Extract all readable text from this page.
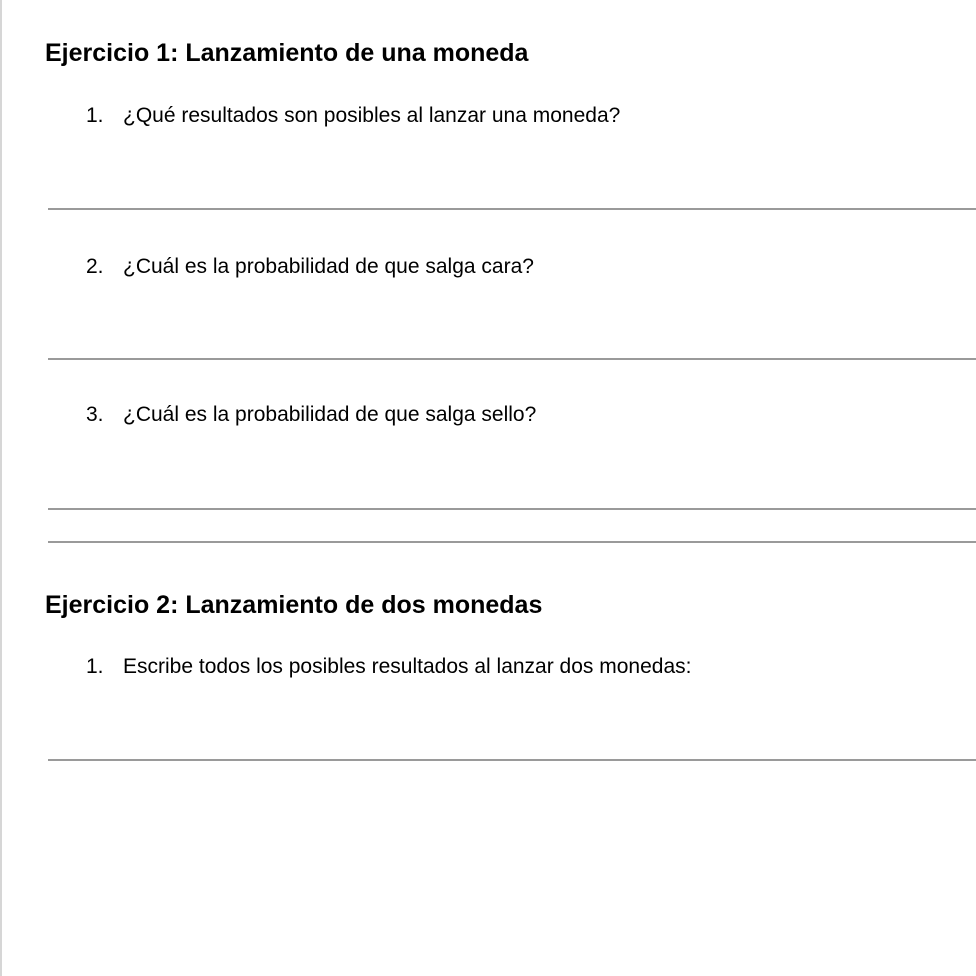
Ejercicio 1: Lanzamiento de una moneda
1. ¿Qué resultados son posibles al lanzar una moneda?
2. ¿Cuál es la probabilidad de que salga cara?
3. ¿Cuál es la probabilidad de que salga sello?
Ejercicio 2: Lanzamiento de dos monedas
1. Escribe todos los posibles resultados al lanzar dos monedas:
